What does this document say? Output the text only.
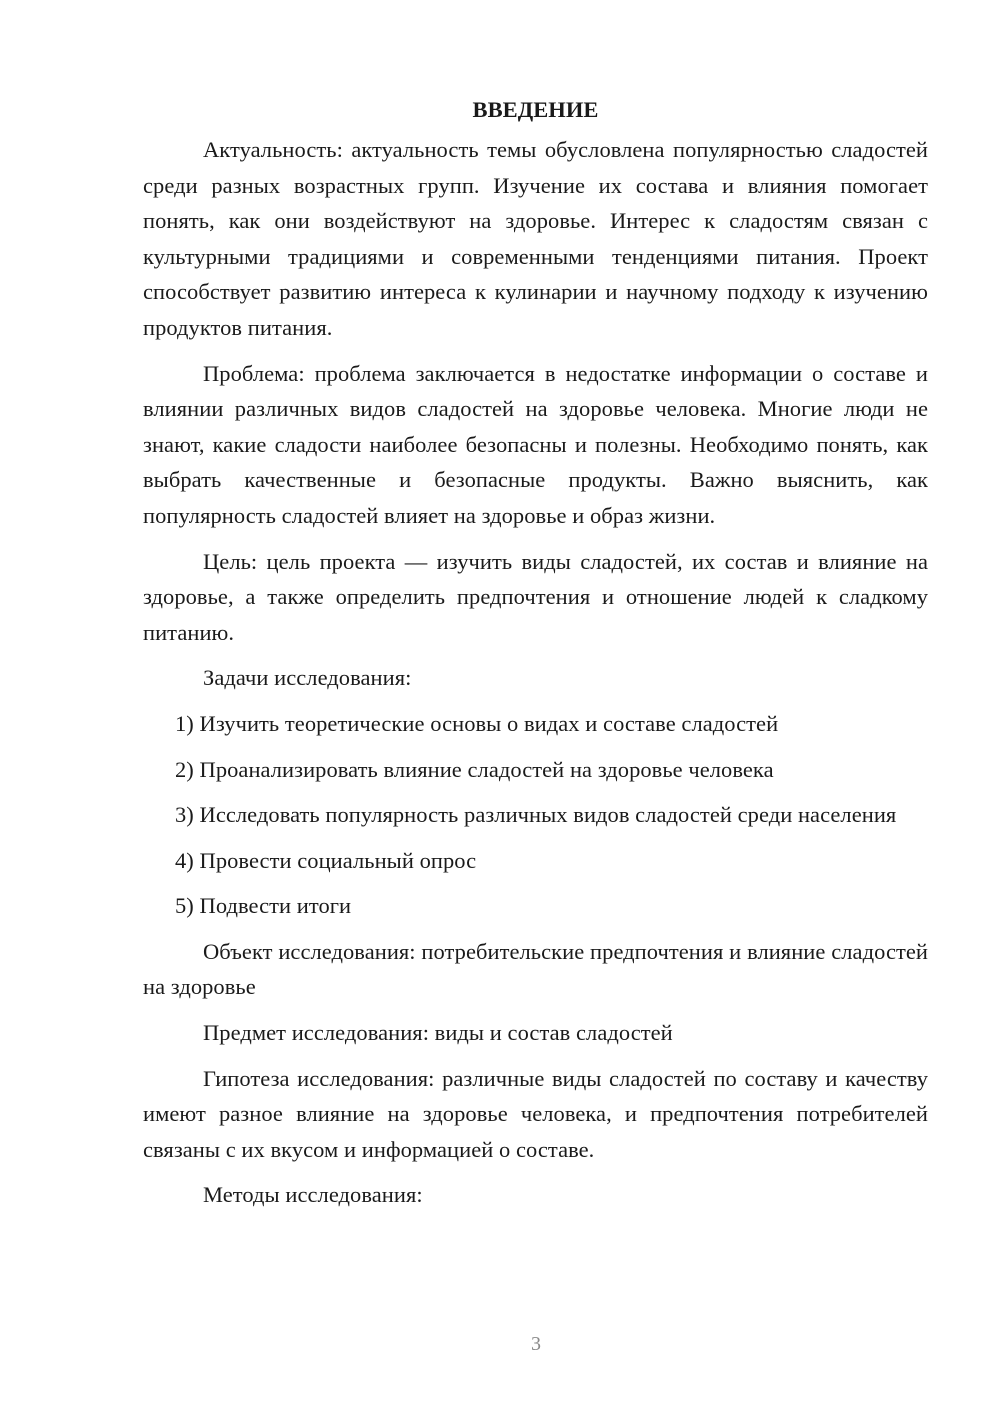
ВВЕДЕНИЕ

Актуальность: актуальность темы обусловлена популярностью сладостей среди разных возрастных групп. Изучение их состава и влияния помогает понять, как они воздействуют на здоровье. Интерес к сладостям связан с культурными традициями и современными тенденциями питания. Проект способствует развитию интереса к кулинарии и научному подходу к изучению продуктов питания.

Проблема: проблема заключается в недостатке информации о составе и влиянии различных видов сладостей на здоровье человека. Многие люди не знают, какие сладости наиболее безопасны и полезны. Необходимо понять, как выбрать качественные и безопасные продукты. Важно выяснить, как популярность сладостей влияет на здоровье и образ жизни.

Цель: цель проекта — изучить виды сладостей, их состав и влияние на здоровье, а также определить предпочтения и отношение людей к сладкому питанию.

Задачи исследования:

1) Изучить теоретические основы о видах и составе сладостей

2) Проанализировать влияние сладостей на здоровье человека

3) Исследовать популярность различных видов сладостей среди населения

4) Провести социальный опрос

5) Подвести итоги

Объект исследования: потребительские предпочтения и влияние сладостей на здоровье

Предмет исследования: виды и состав сладостей

Гипотеза исследования: различные виды сладостей по составу и качеству имеют разное влияние на здоровье человека, и предпочтения потребителей связаны с их вкусом и информацией о составе.

Методы исследования:

3
